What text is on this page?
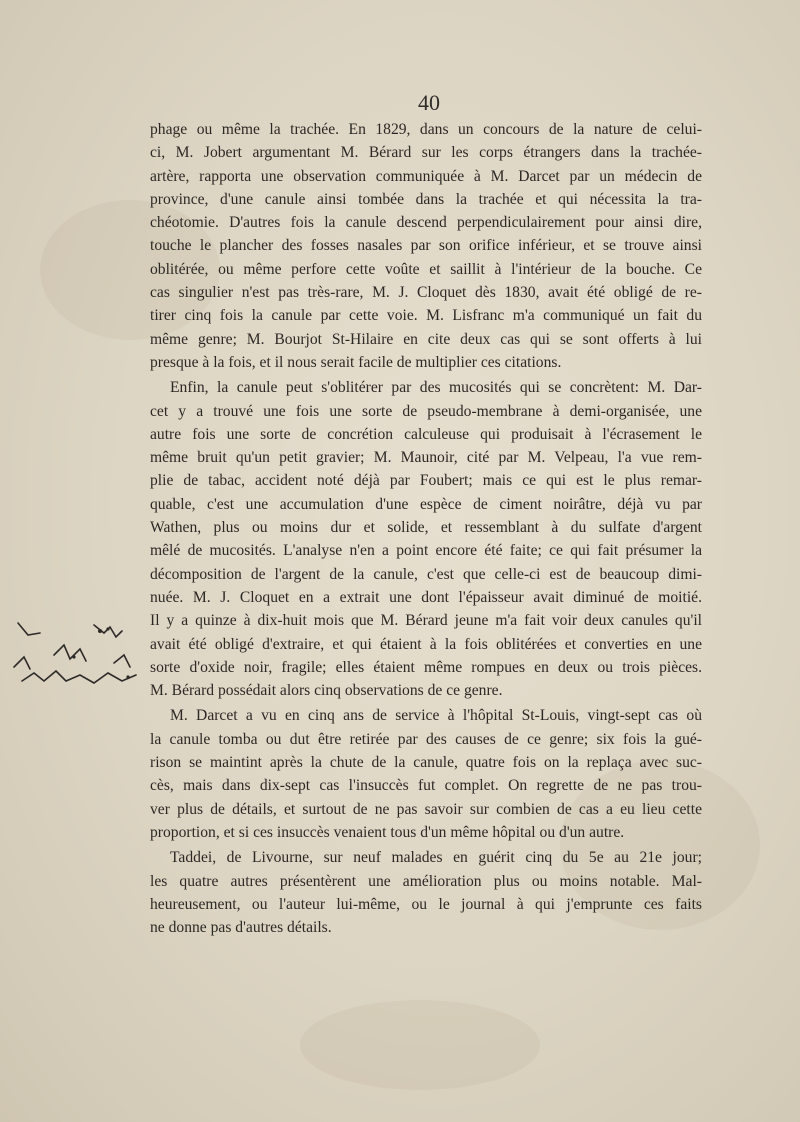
40
phage ou même la trachée. En 1829, dans un concours de la nature de celui-
ci, M. Jobert argumentant M. Bérard sur les corps étrangers dans la trachée-
artère, rapporta une observation communiquée à M. Darcet par un médecin de
province, d'une canule ainsi tombée dans la trachée et qui nécessita la tra-
chéotomie. D'autres fois la canule descend perpendiculairement pour ainsi dire,
touche le plancher des fosses nasales par son orifice inférieur, et se trouve ainsi
oblitérée, ou même perfore cette voûte et saillit à l'intérieur de la bouche. Ce
cas singulier n'est pas très-rare, M. J. Cloquet dès 1830, avait été obligé de re-
tirer cinq fois la canule par cette voie. M. Lisfranc m'a communiqué un fait du
même genre; M. Bourjot St-Hilaire en cite deux cas qui se sont offerts à lui
presque à la fois, et il nous serait facile de multiplier ces citations.
Enfin, la canule peut s'oblitérer par des mucosités qui se concrètent: M. Dar-
cet y a trouvé une fois une sorte de pseudo-membrane à demi-organisée, une
autre fois une sorte de concrétion calculeuse qui produisait à l'écrasement le
même bruit qu'un petit gravier; M. Maunoir, cité par M. Velpeau, l'a vue rem-
plie de tabac, accident noté déjà par Foubert; mais ce qui est le plus remar-
quable, c'est une accumulation d'une espèce de ciment noirâtre, déjà vu par
Wathen, plus ou moins dur et solide, et ressemblant à du sulfate d'argent
mêlé de mucosités. L'analyse n'en a point encore été faite; ce qui fait présumer la
décomposition de l'argent de la canule, c'est que celle-ci est de beaucoup dimi-
nuée. M. J. Cloquet en a extrait une dont l'épaisseur avait diminué de moitié.
Il y a quinze à dix-huit mois que M. Bérard jeune m'a fait voir deux canules qu'il
avait été obligé d'extraire, et qui étaient à la fois oblitérées et converties en une
sorte d'oxide noir, fragile; elles étaient même rompues en deux ou trois pièces.
M. Bérard possédait alors cinq observations de ce genre.
M. Darcet a vu en cinq ans de service à l'hôpital St-Louis, vingt-sept cas où
la canule tomba ou dut être retirée par des causes de ce genre; six fois la gué-
rison se maintint après la chute de la canule, quatre fois on la replaça avec suc-
cès, mais dans dix-sept cas l'insuccès fut complet. On regrette de ne pas trou-
ver plus de détails, et surtout de ne pas savoir sur combien de cas a eu lieu cette
proportion, et si ces insuccès venaient tous d'un même hôpital ou d'un autre.
Taddei, de Livourne, sur neuf malades en guérit cinq du 5e au 21e jour;
les quatre autres présentèrent une amélioration plus ou moins notable. Mal-
heureusement, ou l'auteur lui-même, ou le journal à qui j'emprunte ces faits
ne donne pas d'autres détails.
